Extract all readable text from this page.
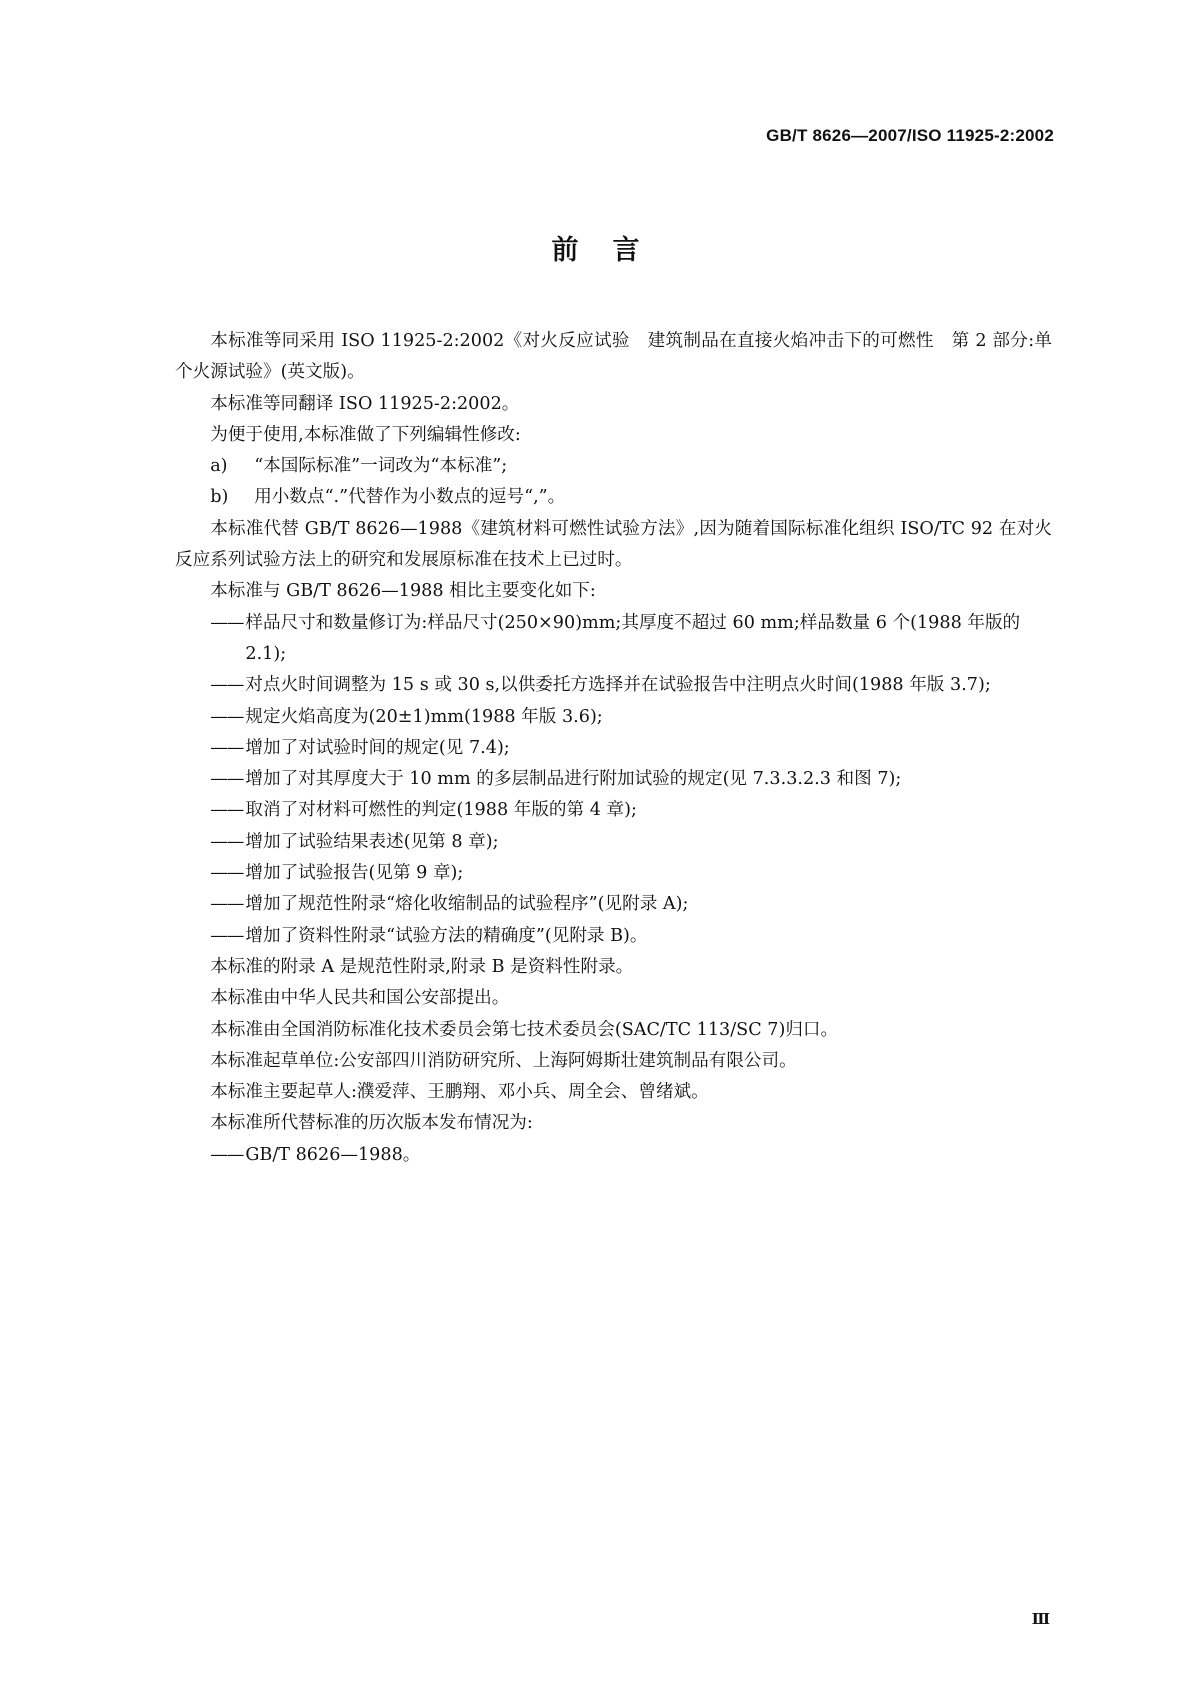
GB/T 8626—2007/ISO 11925-2:2002
前言

本标准等同采用 ISO 11925-2:2002《对火反应试验　建筑制品在直接火焰冲击下的可燃性　第 2 部分:单个火源试验》(英文版)。

本标准等同翻译 ISO 11925-2:2002。

为便于使用,本标准做了下列编辑性修改:

a) “本国际标准”一词改为“本标准”;

b) 用小数点“.”代替作为小数点的逗号“,”。

本标准代替 GB/T 8626—1988《建筑材料可燃性试验方法》,因为随着国际标准化组织 ISO/TC 92 在对火反应系列试验方法上的研究和发展原标准在技术上已过时。

本标准与 GB/T 8626—1988 相比主要变化如下:

—— 样品尺寸和数量修订为:样品尺寸(250×90)mm;其厚度不超过 60 mm;样品数量 6 个(1988 年版的 2.1);

—— 对点火时间调整为 15 s 或 30 s,以供委托方选择并在试验报告中注明点火时间(1988 年版 3.7);

—— 规定火焰高度为(20±1)mm(1988 年版 3.6);

—— 增加了对试验时间的规定(见 7.4);

—— 增加了对其厚度大于 10 mm 的多层制品进行附加试验的规定(见 7.3.3.2.3 和图 7);

—— 取消了对材料可燃性的判定(1988 年版的第 4 章);

—— 增加了试验结果表述(见第 8 章);

—— 增加了试验报告(见第 9 章);

—— 增加了规范性附录“熔化收缩制品的试验程序”(见附录 A);

—— 增加了资料性附录“试验方法的精确度”(见附录 B)。

本标准的附录 A 是规范性附录,附录 B 是资料性附录。

本标准由中华人民共和国公安部提出。

本标准由全国消防标准化技术委员会第七技术委员会(SAC/TC 113/SC 7)归口。

本标准起草单位:公安部四川消防研究所、上海阿姆斯壮建筑制品有限公司。

本标准主要起草人:濮爱萍、王鹏翔、邓小兵、周全会、曾绪斌。

本标准所代替标准的历次版本发布情况为:

—— GB/T 8626—1988。

Ⅲ
